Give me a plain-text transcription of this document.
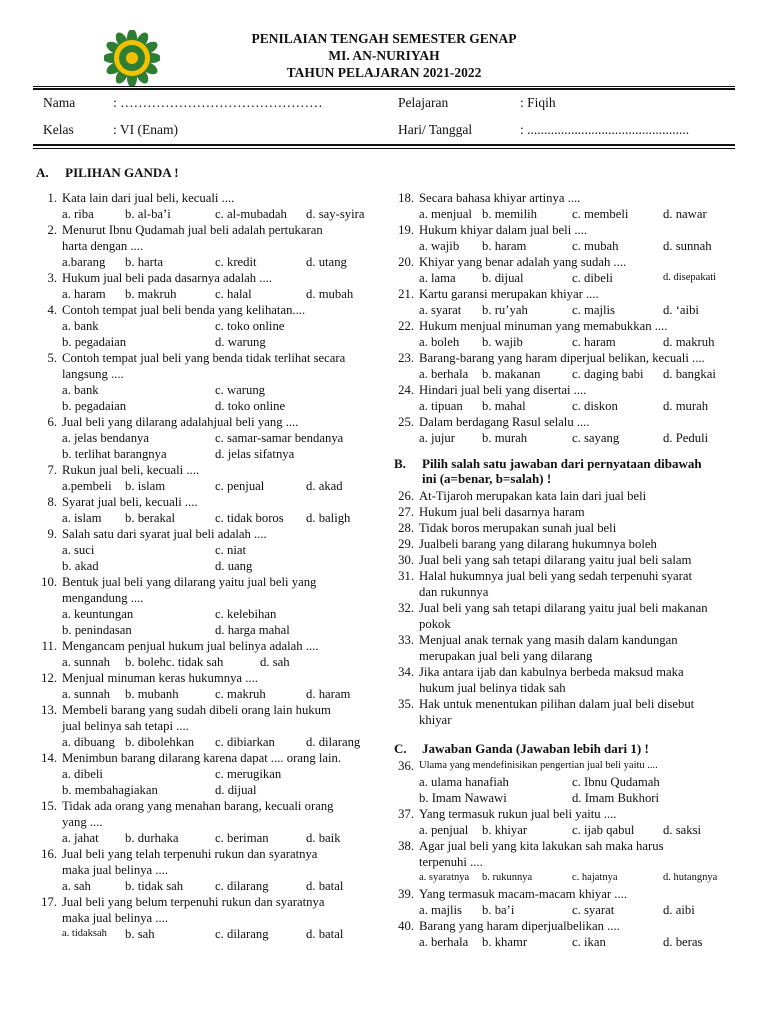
PENILAIAN TENGAH SEMESTER GENAP
MI. AN-NURIYAH
TAHUN PELAJARAN 2021-2022
Nama	: ………………………………………	Pelajaran	: Fiqih
Kelas	: VI (Enam)	Hari/ Tanggal	: ................................................
A. PILIHAN GANDA !
1. Kata lain dari jual beli, kecuali ....
a. riba b. al-ba’i	c. al-mubadah d. say-syira
2. Menurut Ibnu Qudamah jual beli adalah pertukaran
harta dengan ....
a.barang b. harta	c. kredit	d. utang
3. Hukum jual beli pada dasarnya adalah ....
a. haram b. makruh	c. halal	d. mubah
4. Contoh tempat jual beli benda yang kelihatan....
a. bank	c. toko online
b. pegadaian	d. warung
5. Contoh tempat jual beli yang benda tidak terlihat secara
langsung ....
a. bank	c. warung
b. pegadaian	d. toko online
6. Jual beli yang dilarang adalahjual beli yang ....
a. jelas bendanya	c. samar-samar bendanya
b. terlihat barangnya	d. jelas sifatnya
7. Rukun jual beli, kecuali ....
a.pembeli b. islam	c. penjual	d. akad
8. Syarat jual beli, kecuali ....
a. islam b. berakal	c. tidak boros d. baligh
9. Salah satu dari syarat jual beli adalah ....
a. suci	c. niat
b. akad	d. uang
10. Bentuk jual beli yang dilarang yaitu jual beli yang
mengandung ....
a. keuntungan	c. kelebihan
b. penindasan	d. harga mahal
11. Mengancam penjual hukum jual belinya adalah ....
a. sunnah b. bolehc. tidak sah	d. sah
12. Menjual minuman keras hukumnya ....
a. sunnah b. mubanh	c. makruh	d. haram
13. Membeli barang yang sudah dibeli orang lain hukum
jual belinya sah tetapi ....
a. dibuang b. dibolehkan c. dibiarkan d. dilarang
14. Menimbun barang dilarang karena dapat .... orang lain.
a. dibeli	c. merugikan
b. membahagiakan	d. dijual
15. Tidak ada orang yang menahan barang, kecuali orang
yang ....
a. jahat b. durhaka	c. beriman	d. baik
16. Jual beli yang telah terpenuhi rukun dan syaratnya
maka jual belinya ....
a. sah	b. tidak sah	c. dilarang	d. batal
17. Jual beli yang belum terpenuhi rukun dan syaratnya
maka jual belinya ....
a. tidaksah b. sah	c. dilarang	d. batal
18. Secara bahasa khiyar artinya ....
a. menjual b. memilih	c. membeli	d. nawar
19. Hukum khiyar dalam jual beli ....
a. wajib b. haram	c. mubah	d. sunnah
20. Khiyar yang benar adalah yang sudah ....
a. lama b. dijual	c. dibeli	d. disepakati
21. Kartu garansi merupakan khiyar ....
a. syarat b. ru’yah	c. majlis	d. ‘aibi
22. Hukum menjual minuman yang memabukkan ....
a. boleh b. wajib	c. haram	d. makruh
23. Barang-barang yang haram diperjual belikan, kecuali ....
a. berhala b. makanan c. daging babi d. bangkai
24. Hindari jual beli yang disertai ....
a. tipuan b. mahal	c. diskon	d. murah
25. Dalam berdagang Rasul selalu ....
a. jujur b. murah	c. sayang	d. Peduli
B. Pilih salah satu jawaban dari pernyataan dibawah
ini (a=benar, b=salah) !
26. At-Tijaroh merupakan kata lain dari jual beli
27. Hukum jual beli dasarnya haram
28. Tidak boros merupakan sunah jual beli
29. Jualbeli barang yang dilarang hukumnya boleh
30. Jual beli yang sah tetapi dilarang yaitu jual beli salam
31. Halal hukumnya jual beli yang sedah terpenuhi syarat
dan rukunnya
32. Jual beli yang sah tetapi dilarang yaitu jual beli makanan
pokok
33. Menjual anak ternak yang masih dalam kandungan
merupakan jual beli yang dilarang
34. Jika antara ijab dan kabulnya berbeda maksud maka
hukum jual belinya tidak sah
35. Hak untuk menentukan pilihan dalam jual beli disebut
khiyar
C. Jawaban Ganda (Jawaban lebih dari 1) !
36. Ulama yang mendefinisikan pengertian jual beli yaitu ....
a. ulama hanafiah	c. Ibnu Qudamah
b. Imam Nawawi	d. Imam Bukhori
37. Yang termasuk rukun jual beli yaitu ....
a. penjual b. khiyar	c. ijab qabul d. saksi
38. Agar jual beli yang kita lakukan sah maka harus
terpenuhi ....
a. syaratnya b. rukunnya	c. hajatnya	d. hutangnya
39. Yang termasuk macam-macam khiyar ....
a. majlis b. ba’i	c. syarat	d. aibi
40. Barang yang haram diperjualbelikan ....
a. berhala b. khamr	c. ikan	d. beras
